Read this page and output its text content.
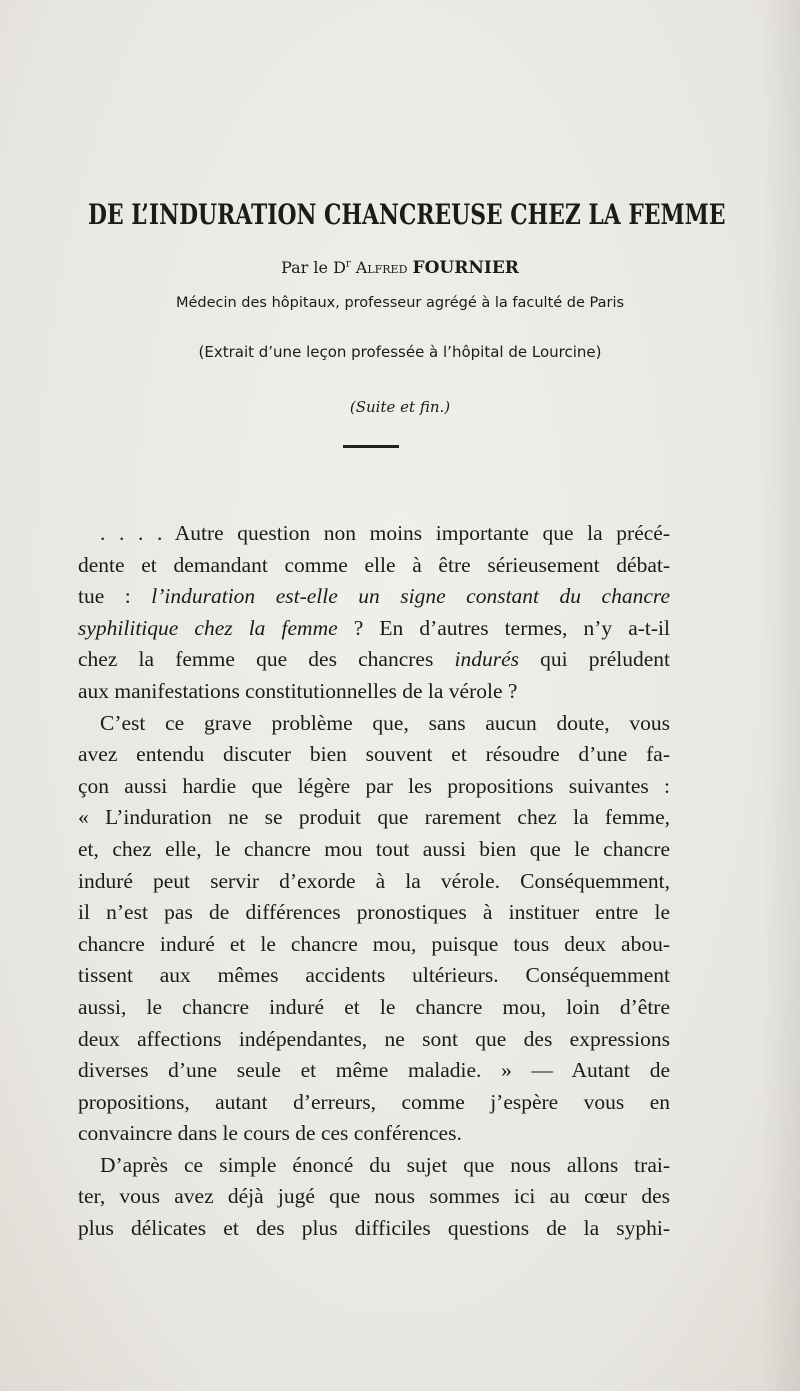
DE L’INDURATION CHANCREUSE CHEZ LA FEMME
Par le $D^r$ Alfred FOURNIER
Médecin des hôpitaux, professeur agrégé à la faculté de Paris
(Extrait d’une leçon professée à l’hôpital de Lourcine)
(Suite et fin.)
. . . . Autre question non moins importante que la précé-
dente et demandant comme elle à être sérieusement débat-
tue : l’induration est-elle un signe constant du chancre
syphilitique chez la femme ? En d’autres termes, n’y a-t-il
chez la femme que des chancres indurés qui préludent
aux manifestations constitutionnelles de la vérole ?
C’est ce grave problème que, sans aucun doute, vous
avez entendu discuter bien souvent et résoudre d’une fa-
çon aussi hardie que légère par les propositions suivantes :
« L’induration ne se produit que rarement chez la femme,
et, chez elle, le chancre mou tout aussi bien que le chancre
induré peut servir d’exorde à la vérole. Conséquemment,
il n’est pas de différences pronostiques à instituer entre le
chancre induré et le chancre mou, puisque tous deux abou-
tissent aux mêmes accidents ultérieurs. Conséquemment
aussi, le chancre induré et le chancre mou, loin d’être
deux affections indépendantes, ne sont que des expressions
diverses d’une seule et même maladie. » — Autant de
propositions, autant d’erreurs, comme j’espère vous en
convaincre dans le cours de ces conférences.
D’après ce simple énoncé du sujet que nous allons trai-
ter, vous avez déjà jugé que nous sommes ici au cœur des
plus délicates et des plus difficiles questions de la syphi-
